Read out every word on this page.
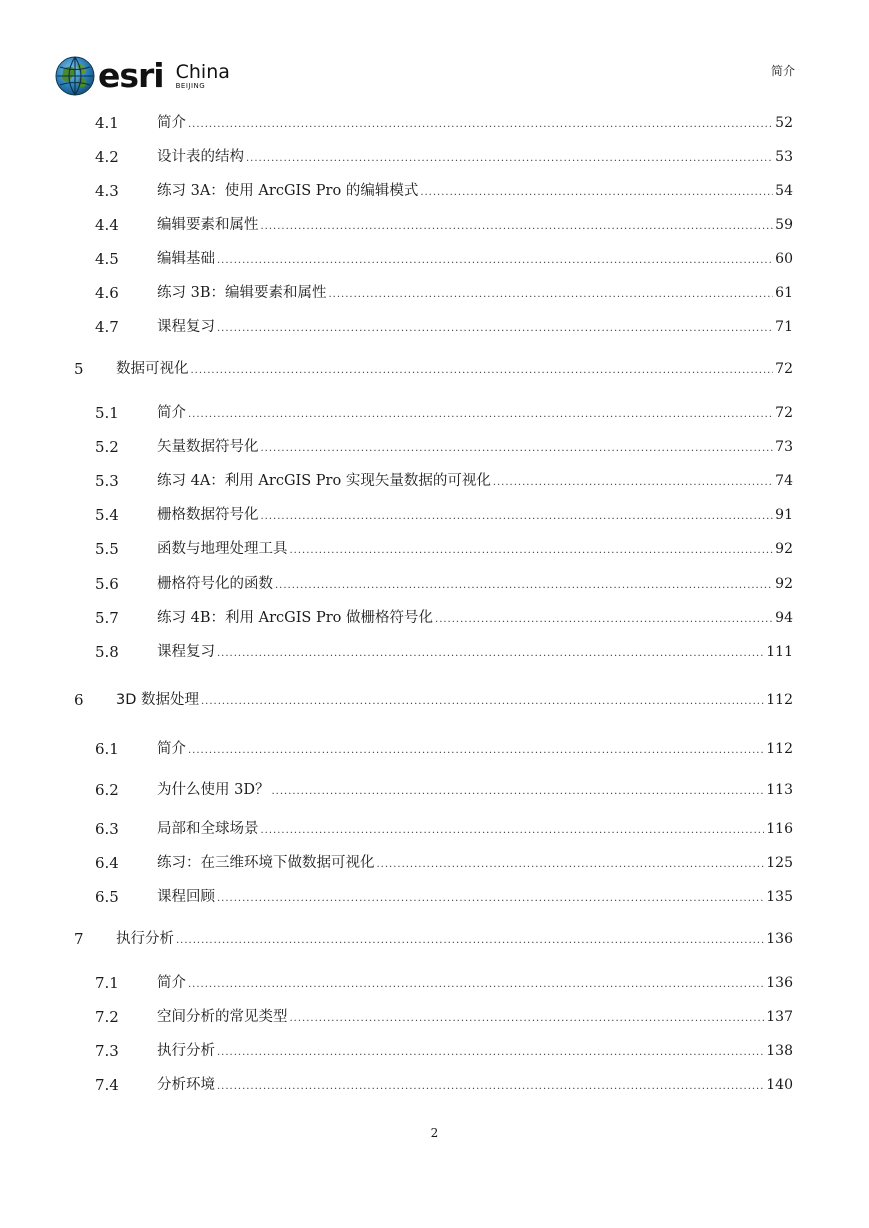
esri China
BEIJING
简介
4.1	简介 .....	52
4.2	设计表的结构 .....	53
4.3	练习 3A：使用 ArcGIS Pro 的编辑模式 .....	54
4.4	编辑要素和属性 .....	59
4.5	编辑基础 .....	60
4.6	练习 3B：编辑要素和属性 .....	61
4.7	课程复习 .....	71
5 数据可视化 .....	72
5.1	简介 .....	72
5.2	矢量数据符号化 .....	73
5.3	练习 4A：利用 ArcGIS Pro 实现矢量数据的可视化 .....	74
5.4	栅格数据符号化 .....	91
5.5	函数与地理处理工具 .....	92
5.6	栅格符号化的函数 .....	92
5.7	练习 4B：利用 ArcGIS Pro 做栅格符号化 .....	94
5.8	课程复习 .....	111
6 3D 数据处理 .....	112
6.1	简介 .....	112
6.2	为什么使用 3D？ .....	113
6.3	局部和全球场景 .....	116
6.4	练习：在三维环境下做数据可视化 .....	125
6.5	课程回顾 .....	135
7 执行分析 .....	136
7.1	简介 .....	136
7.2	空间分析的常见类型 .....	137
7.3	执行分析 .....	138
7.4	分析环境 .....	140
2
